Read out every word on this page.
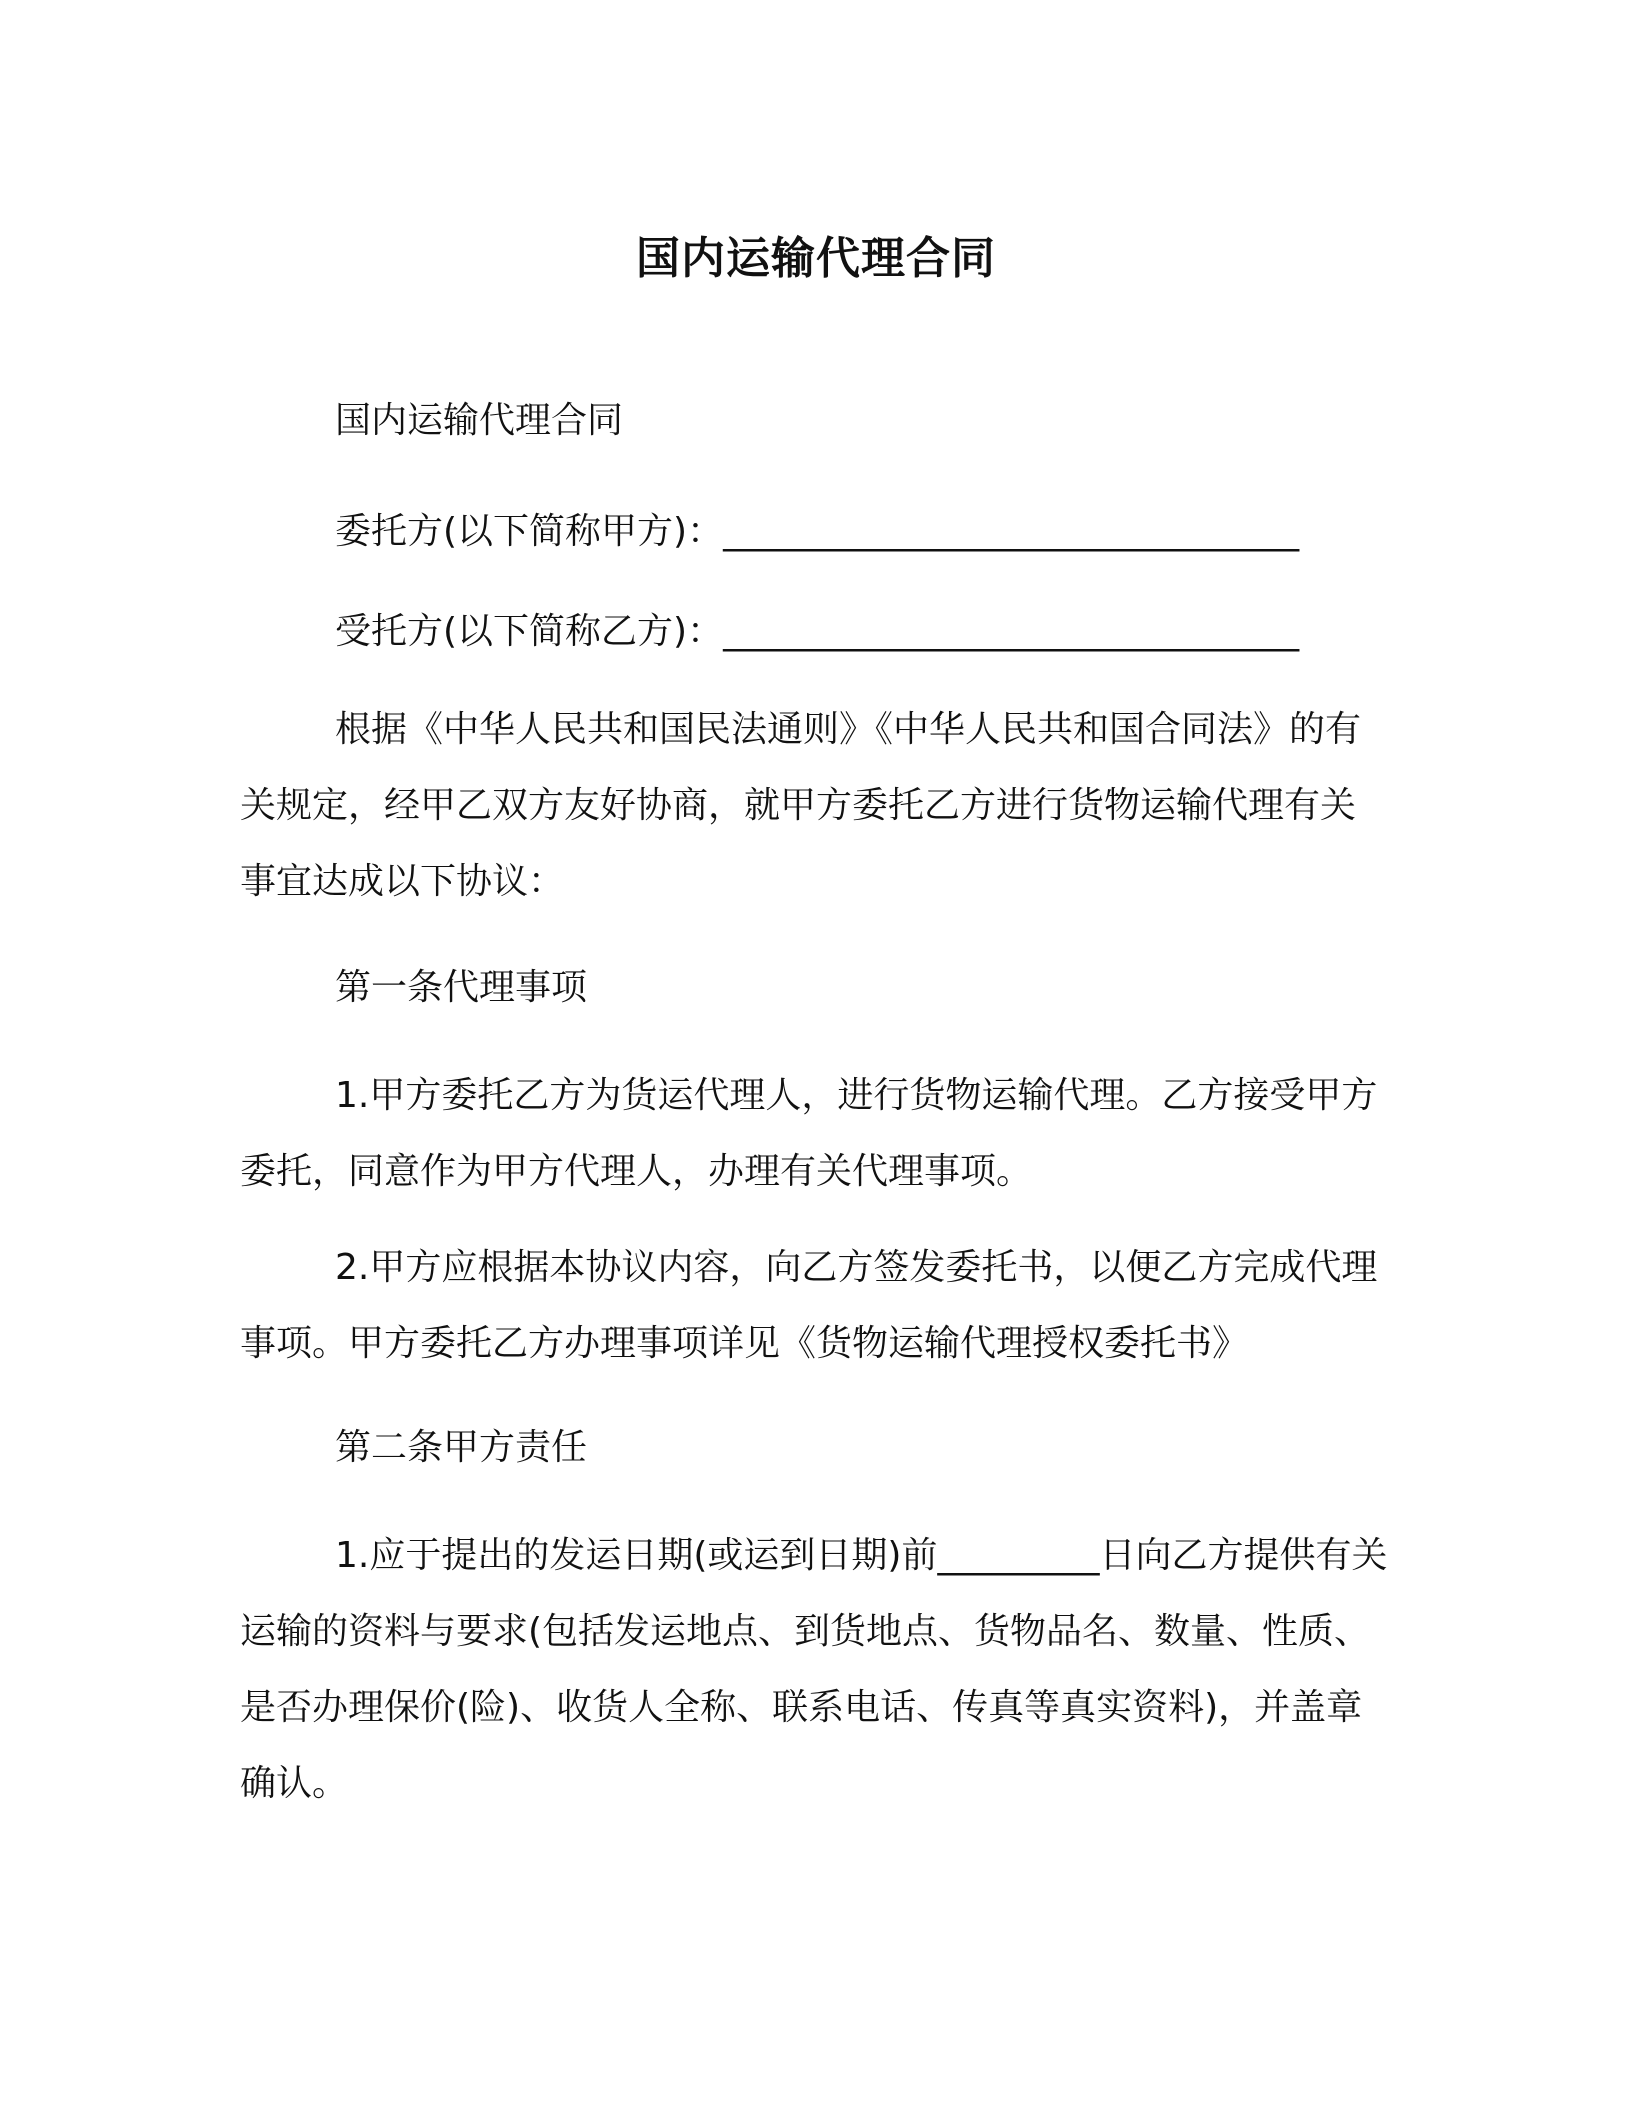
国内运输代理合同

国内运输代理合同

委托方(以下简称甲方)：________________________________

受托方(以下简称乙方)：________________________________

根据《中华人民共和国民法通则》《中华人民共和国合同法》的有关规定，经甲乙双方友好协商，就甲方委托乙方进行货物运输代理有关事宜达成以下协议：

第一条代理事项

1.甲方委托乙方为货运代理人，进行货物运输代理。乙方接受甲方委托，同意作为甲方代理人，办理有关代理事项。

2.甲方应根据本协议内容，向乙方签发委托书，以便乙方完成代理事项。甲方委托乙方办理事项详见《货物运输代理授权委托书》

第二条甲方责任

1.应于提出的发运日期(或运到日期)前_________日向乙方提供有关运输的资料与要求(包括发运地点、到货地点、货物品名、数量、性质、是否办理保价(险)、收货人全称、联系电话、传真等真实资料)，并盖章确认。
